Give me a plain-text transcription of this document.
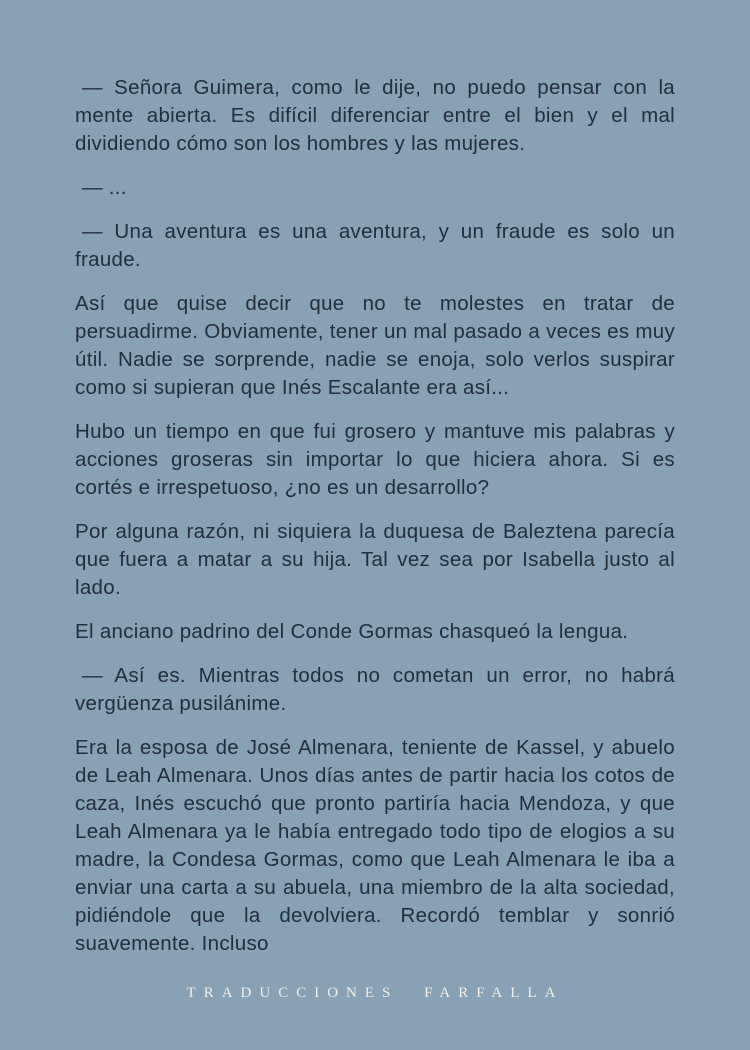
— Señora Guimera, como le dije, no puedo pensar con la mente abierta. Es difícil diferenciar entre el bien y el mal dividiendo cómo son los hombres y las mujeres.

— ...

— Una aventura es una aventura, y un fraude es solo un fraude.

Así que quise decir que no te molestes en tratar de persuadirme. Obviamente, tener un mal pasado a veces es muy útil. Nadie se sorprende, nadie se enoja, solo verlos suspirar como si supieran que Inés Escalante era así...

Hubo un tiempo en que fui grosero y mantuve mis palabras y acciones groseras sin importar lo que hiciera ahora. Si es cortés e irrespetuoso, ¿no es un desarrollo?

Por alguna razón, ni siquiera la duquesa de Baleztena parecía que fuera a matar a su hija. Tal vez sea por Isabella justo al lado.

El anciano padrino del Conde Gormas chasqueó la lengua.

— Así es. Mientras todos no cometan un error, no habrá vergüenza pusilánime.

Era la esposa de José Almenara, teniente de Kassel, y abuelo de Leah Almenara. Unos días antes de partir hacia los cotos de caza, Inés escuchó que pronto partiría hacia Mendoza, y que Leah Almenara ya le había entregado todo tipo de elogios a su madre, la Condesa Gormas, como que Leah Almenara le iba a enviar una carta a su abuela, una miembro de la alta sociedad, pidiéndole que la devolviera. Recordó temblar y sonrió suavemente. Incluso

TRADUCCIONES FARFALLA
